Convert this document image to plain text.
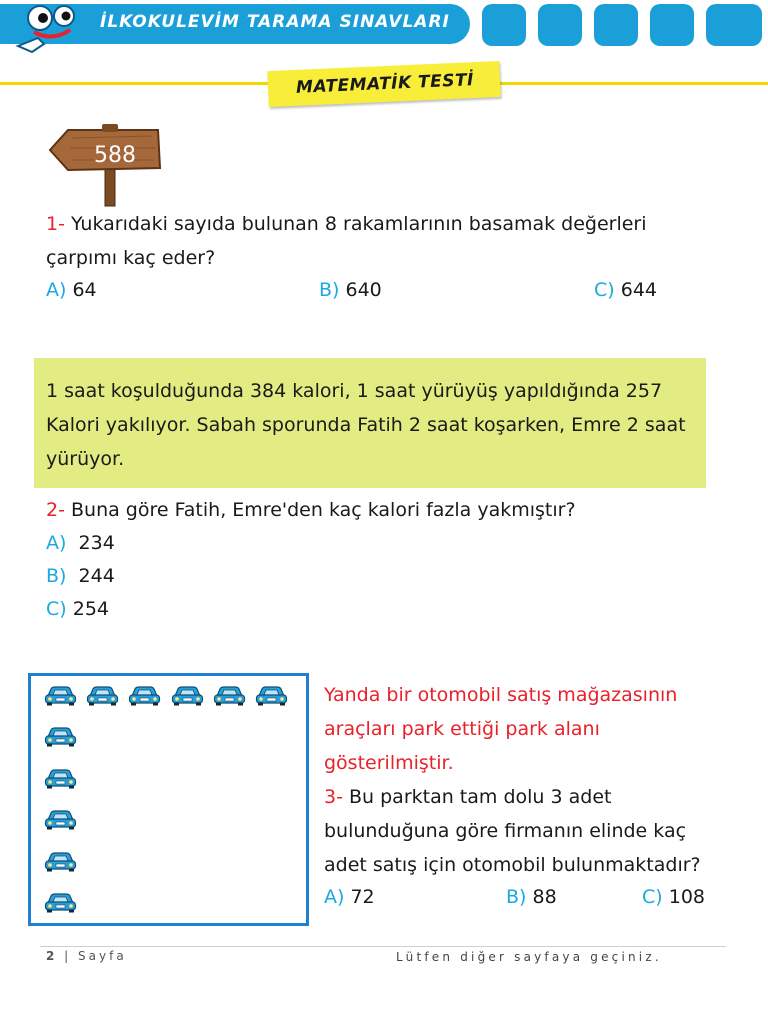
İLKOKULEVİM TARAMA SINAVLARI
MATEMATİK TESTİ
588
1- Yukarıdaki sayıda bulunan 8 rakamlarının basamak değerleri
çarpımı kaç eder?
A) 64	B) 640	C) 644
1 saat koşulduğunda 384 kalori, 1 saat yürüyüş yapıldığında 257
Kalori yakılıyor. Sabah sporunda Fatih 2 saat koşarken, Emre 2 saat
yürüyor.
2- Buna göre Fatih, Emre'den kaç kalori fazla yakmıştır?
A) 234
B) 244
C) 254
Yanda bir otomobil satış mağazasının
araçları park ettiği park alanı
gösterilmiştir.
3- Bu parktan tam dolu 3 adet
bulunduğuna göre firmanın elinde kaç
adet satış için otomobil bulunmaktadır?
A) 72	B) 88	C) 108
2 | Sayfa	Lütfen diğer sayfaya geçiniz.
